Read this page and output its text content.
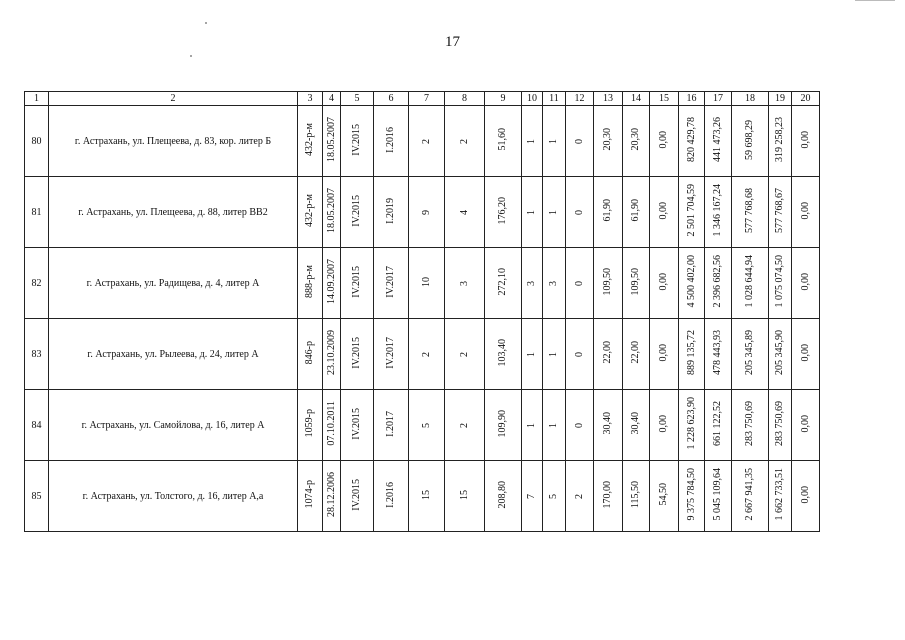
17
1	2	3	4	5	6	7	8	9	10	11	12	13	14	15	16	17	18	19	20
80	г. Астрахань, ул. Плещеева, д. 83, кор. литер Б	432-р-м	18.05.2007	IV.2015	I.2016	2	2	51,60	1	1	0	20,30	20,30	0,00	820 429,78	441 473,26	59 698,29	319 258,23	0,00
81	г. Астрахань, ул. Плещеева, д. 88, литер ВВ2	432-р-м	18.05.2007	IV.2015	I.2019	9	4	176,20	1	1	0	61,90	61,90	0,00	2 501 704,59	1 346 167,24	577 768,68	577 768,67	0,00
82	г. Астрахань, ул. Радищева, д. 4, литер А	888-р-м	14.09.2007	IV.2015	IV.2017	10	3	272,10	3	3	0	109,50	109,50	0,00	4 500 402,00	2 396 682,56	1 028 644,94	1 075 074,50	0,00
83	г. Астрахань, ул. Рылеева, д. 24, литер А	846-р	23.10.2009	IV.2015	IV.2017	2	2	103,40	1	1	0	22,00	22,00	0,00	889 135,72	478 443,93	205 345,89	205 345,90	0,00
84	г. Астрахань, ул. Самойлова, д. 16, литер А	1059-р	07.10.2011	IV.2015	I.2017	5	2	109,90	1	1	0	30,40	30,40	0,00	1 228 623,90	661 122,52	283 750,69	283 750,69	0,00
85	г. Астрахань, ул. Толстого, д. 16, литер А,а	1074-р	28.12.2006	IV.2015	I.2016	15	15	208,80	7	5	2	170,00	115,50	54,50	9 375 784,50	5 045 109,64	2 667 941,35	1 662 733,51	0,00
